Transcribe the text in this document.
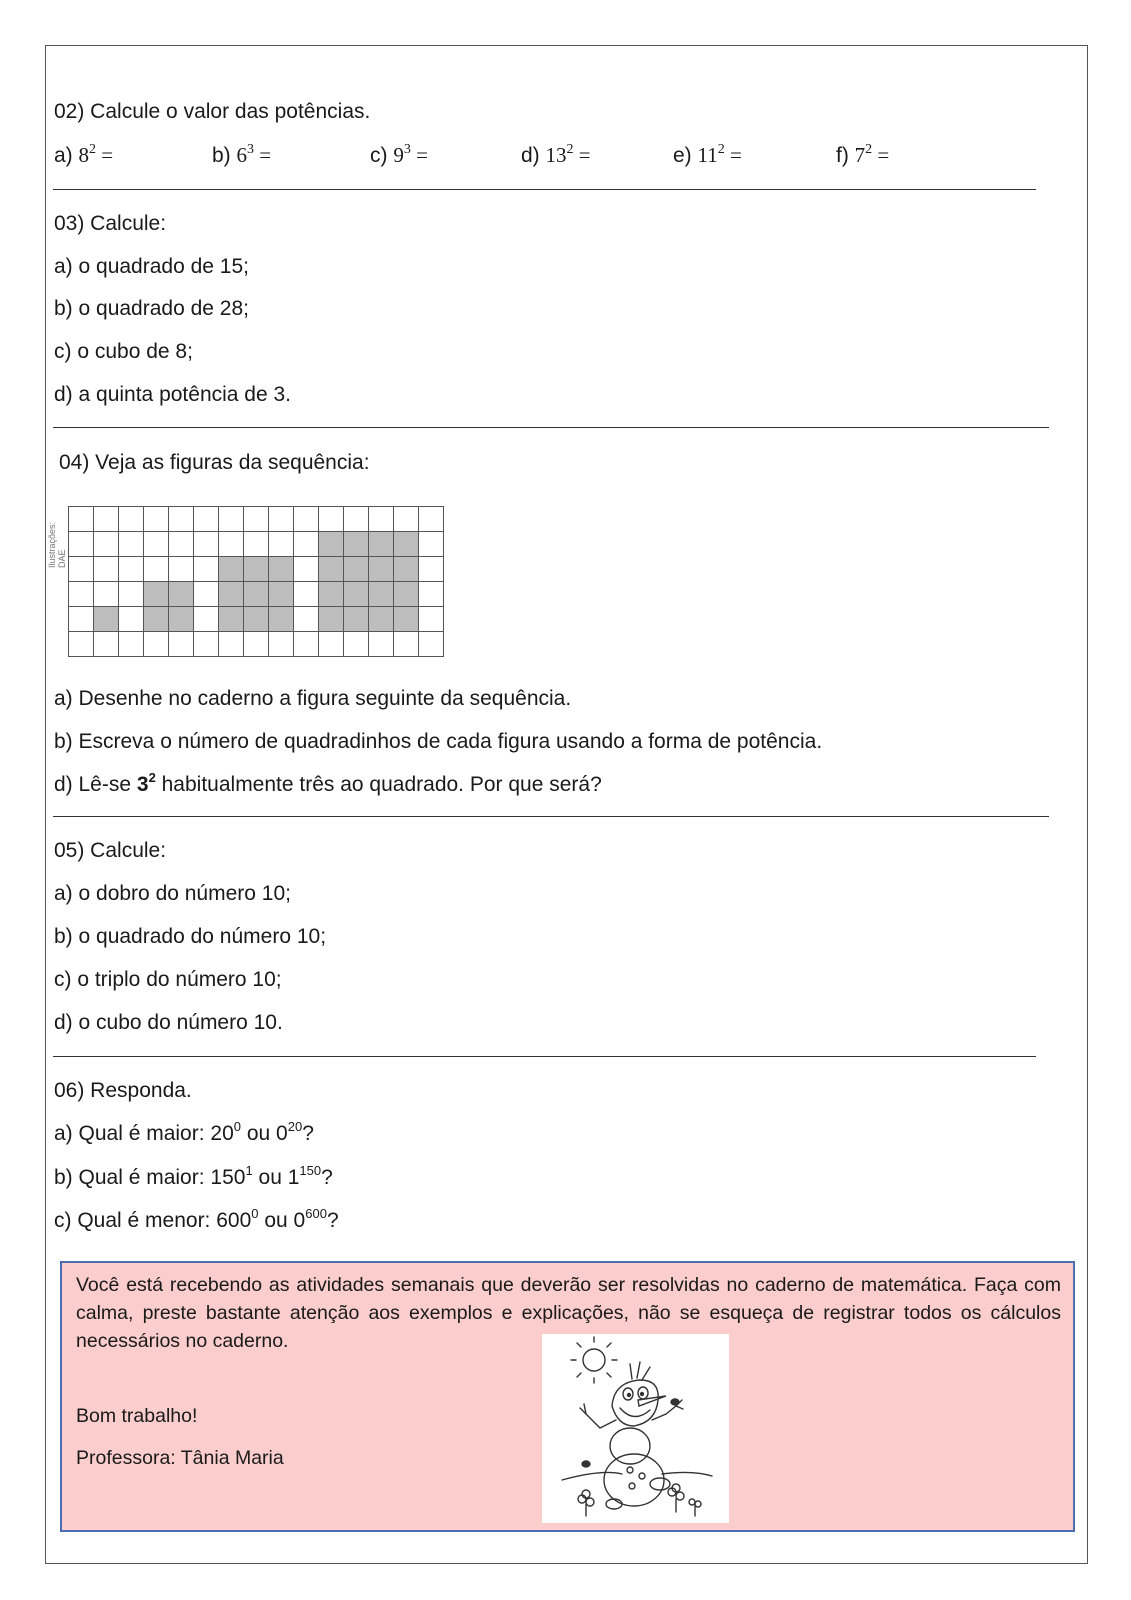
02) Calcule o valor das potências.
a) $8^2$ =	b) $6^3$ =	c) $9^3$ =	d) $13^2$ =	e) $11^2$ =	f) $7^2$ =
03) Calcule:
a) o quadrado de 15;
b) o quadrado de 28;
c) o cubo de 8;
d) a quinta potência de 3.
04) Veja as figuras da sequência:
Ilustrações: DAE

a) Desenhe no caderno a figura seguinte da sequência.
b) Escreva o número de quadradinhos de cada figura usando a forma de potência.
d) Lê-se $3^2$ habitualmente três ao quadrado. Por que será?
05) Calcule:
a) o dobro do número 10;
b) o quadrado do número 10;
c) o triplo do número 10;
d) o cubo do número 10.
06) Responda.
a) Qual é maior: $20^0$ ou $0^{20}$?
b) Qual é maior: $150^1$ ou $1^{150}$?
c) Qual é menor: $600^0$ ou $0^{600}$?

Você está recebendo as atividades semanais que deverão ser resolvidas no caderno de matemática. Faça com calma, preste bastante atenção aos exemplos e explicações, não se esqueça de registrar todos os cálculos necessários no caderno.

Bom trabalho!

Professora: Tânia Maria
